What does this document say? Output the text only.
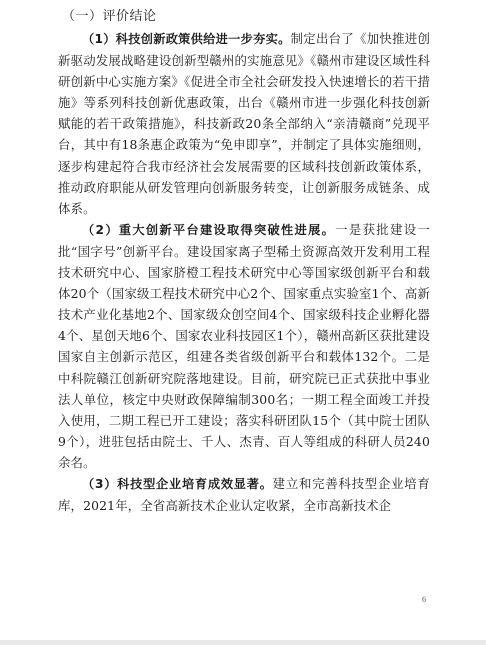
（一）评价结论

（1）科技创新政策供给进一步夯实。制定出台了《加快推进创新驱动发展战略建设创新型赣州的实施意见》《赣州市建设区域性科研创新中心实施方案》《促进全市全社会研发投入快速增长的若干措施》等系列科技创新优惠政策，出台《赣州市进一步强化科技创新赋能的若干政策措施》，科技新政20条全部纳入“亲清赣商”兑现平台，其中有18条惠企政策为“免申即享”，并制定了具体实施细则，逐步构建起符合我市经济社会发展需要的区域科技创新政策体系，推动政府职能从研发管理向创新服务转变，让创新服务成链条、成体系。

（2）重大创新平台建设取得突破性进展。一是获批建设一批“国字号”创新平台。建设国家离子型稀土资源高效开发利用工程技术研究中心、国家脐橙工程技术研究中心等国家级创新平台和载体20个（国家级工程技术研究中心2个、国家重点实验室1个、高新技术产业化基地2个、国家级众创空间4个、国家级科技企业孵化器4个、星创天地6个、国家农业科技园区1个），赣州高新区获批建设国家自主创新示范区，组建各类省级创新平台和载体132个。二是中科院赣江创新研究院落地建设。目前，研究院已正式获批中事业法人单位，核定中央财政保障编制300名；一期工程全面竣工并投入使用，二期工程已开工建设；落实科研团队15个（其中院士团队9个），进驻包括由院士、千人、杰青、百人等组成的科研人员240余名。

（3）科技型企业培育成效显著。建立和完善科技型企业培育库，2021年，全省高新技术企业认定收紧，全市高新技术企

6
